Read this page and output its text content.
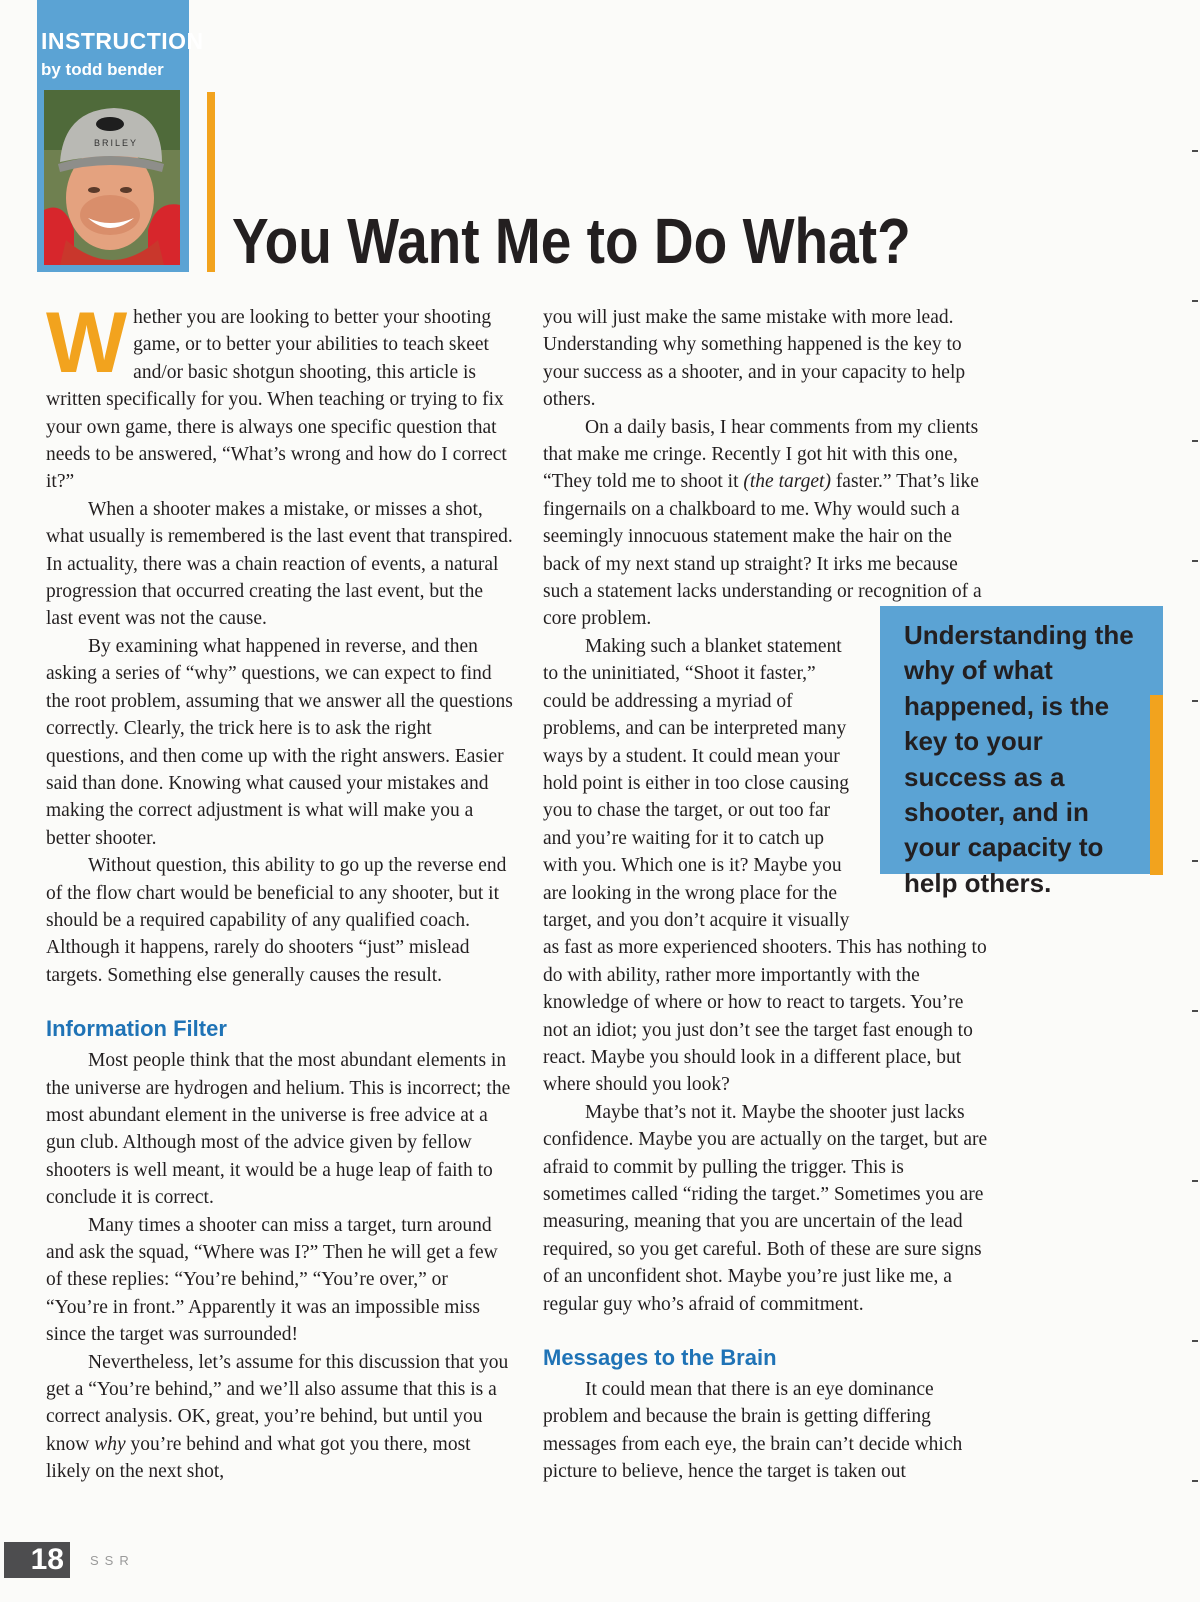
INSTRUCTION
by todd bender
BRILEY
You Want Me to Do What?

Whether you are looking to better your shooting game, or to better your abilities to teach skeet and/or basic shotgun shooting, this article is written specifically for you. When teaching or trying to fix your own game, there is always one specific question that needs to be answered, “What’s wrong and how do I correct it?”

When a shooter makes a mistake, or misses a shot, what usually is remembered is the last event that transpired. In actuality, there was a chain reaction of events, a natural progression that occurred creating the last event, but the last event was not the cause.

By examining what happened in reverse, and then asking a series of “why” questions, we can expect to find the root problem, assuming that we answer all the questions correctly. Clearly, the trick here is to ask the right questions, and then come up with the right answers. Easier said than done. Knowing what caused your mistakes and making the correct adjustment is what will make you a better shooter.

Without question, this ability to go up the reverse end of the flow chart would be beneficial to any shooter, but it should be a required capability of any qualified coach. Although it happens, rarely do shooters “just” mislead targets. Something else generally causes the result.

Information Filter

Most people think that the most abundant elements in the universe are hydrogen and helium. This is incorrect; the most abundant element in the universe is free advice at a gun club. Although most of the advice given by fellow shooters is well meant, it would be a huge leap of faith to conclude it is correct.

Many times a shooter can miss a target, turn around and ask the squad, “Where was I?” Then he will get a few of these replies: “You’re behind,” “You’re over,” or “You’re in front.” Apparently it was an impossible miss since the target was surrounded!

Nevertheless, let’s assume for this discussion that you get a “You’re behind,” and we’ll also assume that this is a correct analysis. OK, great, you’re behind, but until you know why you’re behind and what got you there, most likely on the next shot,

you will just make the same mistake with more lead. Understanding why something happened is the key to your success as a shooter, and in your capacity to help others.

On a daily basis, I hear comments from my clients that make me cringe. Recently I got hit with this one, “They told me to shoot it (the target) faster.” That’s like fingernails on a chalkboard to me. Why would such a seemingly innocuous statement make the hair on the back of my next stand up straight? It irks me because such a statement lacks understanding or recognition of a core problem.

Making such a blanket statement to the uninitiated, “Shoot it faster,” could be addressing a myriad of problems, and can be interpreted many ways by a student. It could mean your hold point is either in too close causing you to chase the target, or out too far and you’re waiting for it to catch up with you. Which one is it? Maybe you are looking in the wrong place for the target, and you don’t acquire it visually as fast as more experienced shooters. This has nothing to do with ability, rather more importantly with the knowledge of where or how to react to targets. You’re not an idiot; you just don’t see the target fast enough to react. Maybe you should look in a different place, but where should you look?

Maybe that’s not it. Maybe the shooter just lacks confidence. Maybe you are actually on the target, but are afraid to commit by pulling the trigger. This is sometimes called “riding the target.” Sometimes you are measuring, meaning that you are uncertain of the lead required, so you get careful. Both of these are sure signs of an unconfident shot. Maybe you’re just like me, a regular guy who’s afraid of commitment.

Messages to the Brain

It could mean that there is an eye dominance problem and because the brain is getting differing messages from each eye, the brain can’t decide which picture to believe, hence the target is taken out

Understanding the why of what happened, is the key to your success as a shooter, and in your capacity to help others.
18 SSR
